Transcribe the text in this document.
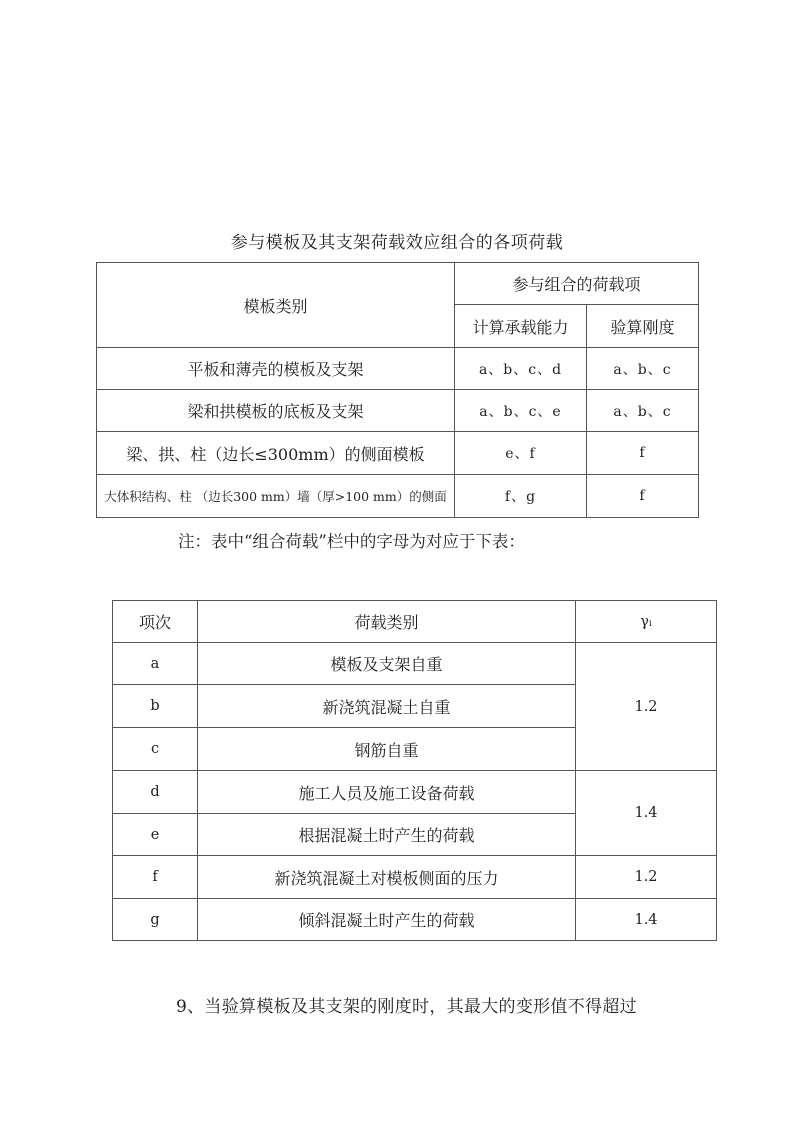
参与模板及其支架荷载效应组合的各项荷载
模板类别	参与组合的荷载项	
	计算承载能力	验算刚度
平板和薄壳的模板及支架	a、b、c、d	a、b、c
梁和拱模板的底板及支架	a、b、c、e	a、b、c
梁、拱、柱（边长≤300mm）的侧面模板	e、f	f
大体积结构、柱 （边长300 mm）墙（厚>100 mm）的侧面	f、g	f
注：表中“组合荷载”栏中的字母为对应于下表：
项次	荷载类别	γᵢ
a	模板及支架自重	1.2
b	新浇筑混凝土自重	
c	钢筋自重	
d	施工人员及施工设备荷载	1.4
e	根据混凝土时产生的荷载	
f	新浇筑混凝土对模板侧面的压力	1.2
g	倾斜混凝土时产生的荷载	1.4
9、当验算模板及其支架的刚度时，其最大的变形值不得超过
